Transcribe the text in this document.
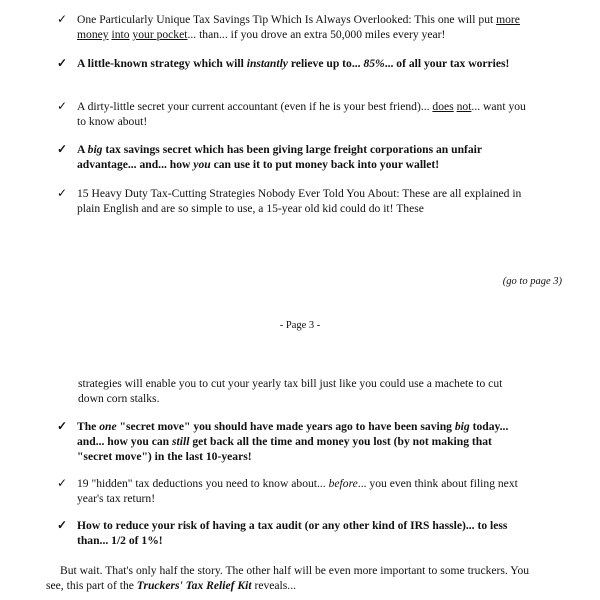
✓ One Particularly Unique Tax Savings Tip Which Is Always Overlooked: This one will put more money into your pocket... than... if you drove an extra 50,000 miles every year!
✓ A little-known strategy which will instantly relieve up to... 85%... of all your tax worries!
✓ A dirty-little secret your current accountant (even if he is your best friend)... does not... want you to know about!
✓ A big tax savings secret which has been giving large freight corporations an unfair advantage... and... how you can use it to put money back into your wallet!
✓ 15 Heavy Duty Tax-Cutting Strategies Nobody Ever Told You About: These are all explained in plain English and are so simple to use, a 15-year old kid could do it! These
(go to page 3)
- Page 3 -
strategies will enable you to cut your yearly tax bill just like you could use a machete to cut down corn stalks.
✓ The one "secret move" you should have made years ago to have been saving big today... and... how you can still get back all the time and money you lost (by not making that "secret move") in the last 10-years!
✓ 19 "hidden" tax deductions you need to know about... before... you even think about filing next year's tax return!
✓ How to reduce your risk of having a tax audit (or any other kind of IRS hassle)... to less than... 1/2 of 1%!
But wait. That's only half the story. The other half will be even more important to some truckers. You see, this part of the Truckers' Tax Relief Kit reveals...
